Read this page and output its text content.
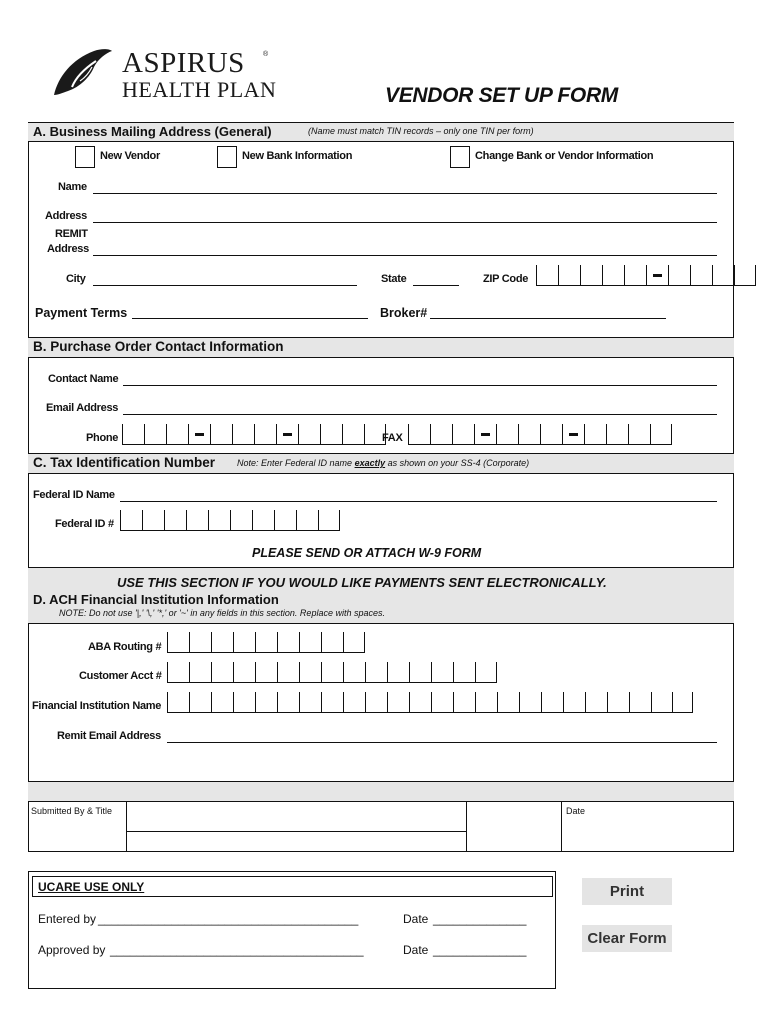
ASPIRUS	®
HEALTH PLAN	VENDOR SET UP FORM
A. Business Mailing Address (General)	(Name must match TIN records – only one TIN per form)
New Vendor	New Bank Information	Change Bank or Vendor Information
Name
Address
REMIT
Address
City	State	ZIP Code
Payment Terms	Broker#
B. Purchase Order Contact Information
Contact Name
Email Address
Phone	FAX
C. Tax Identification Number Note: Enter Federal ID name exactly as shown on your SS-4 (Corporate)
Federal ID Name
Federal ID #
PLEASE SEND OR ATTACH W-9 FORM
USE THIS SECTION IF YOU WOULD LIKE PAYMENTS SENT ELECTRONICALLY.
D. ACH Financial Institution Information
NOTE: Do not use '|,' '\,' '*,' or '~' in any fields in this section. Replace with spaces.
ABA Routing #
Customer Acct #
Financial Institution Name
Remit Email Address
Submitted By & Title	Date
UCARE USE ONLY
Entered by _______________________________________	Date ______________
Approved by ______________________________________	Date ______________
Print
Clear Form
